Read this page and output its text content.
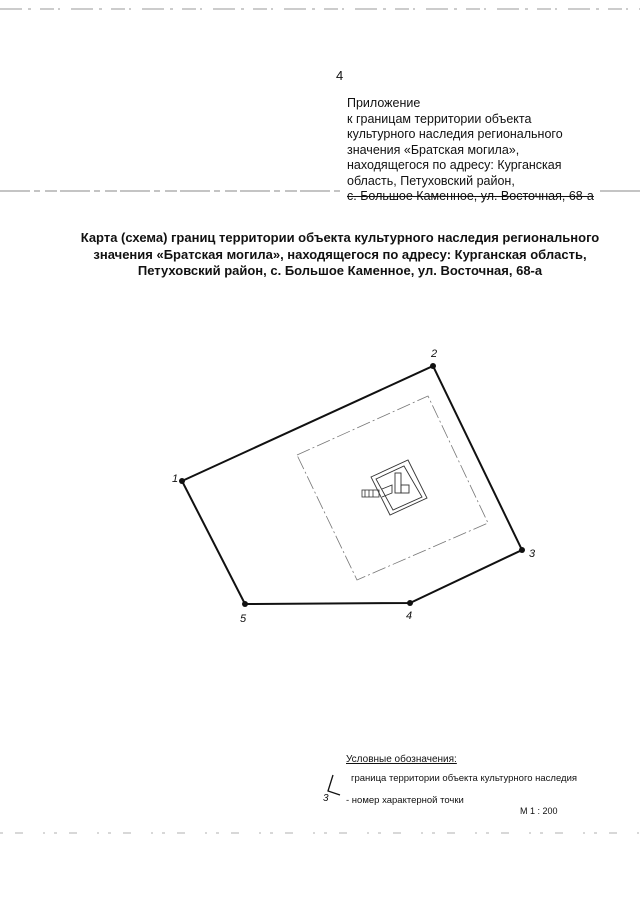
4
Приложение
к границам территории объекта
культурного наследия регионального
значения «Братская могила»,
находящегося по адресу: Курганская
область, Петуховский район,
с. Большое Каменное, ул. Восточная, 68-а
Карта (схема) границ территории объекта культурного наследия регионального
значения «Братская могила», находящегося по адресу: Курганская область,
Петуховский район, с. Большое Каменное, ул. Восточная, 68-а
1
2
3
4
5
Условные обозначения:
граница территории объекта культурного наследия
3 - номер характерной точки
М 1 : 200
